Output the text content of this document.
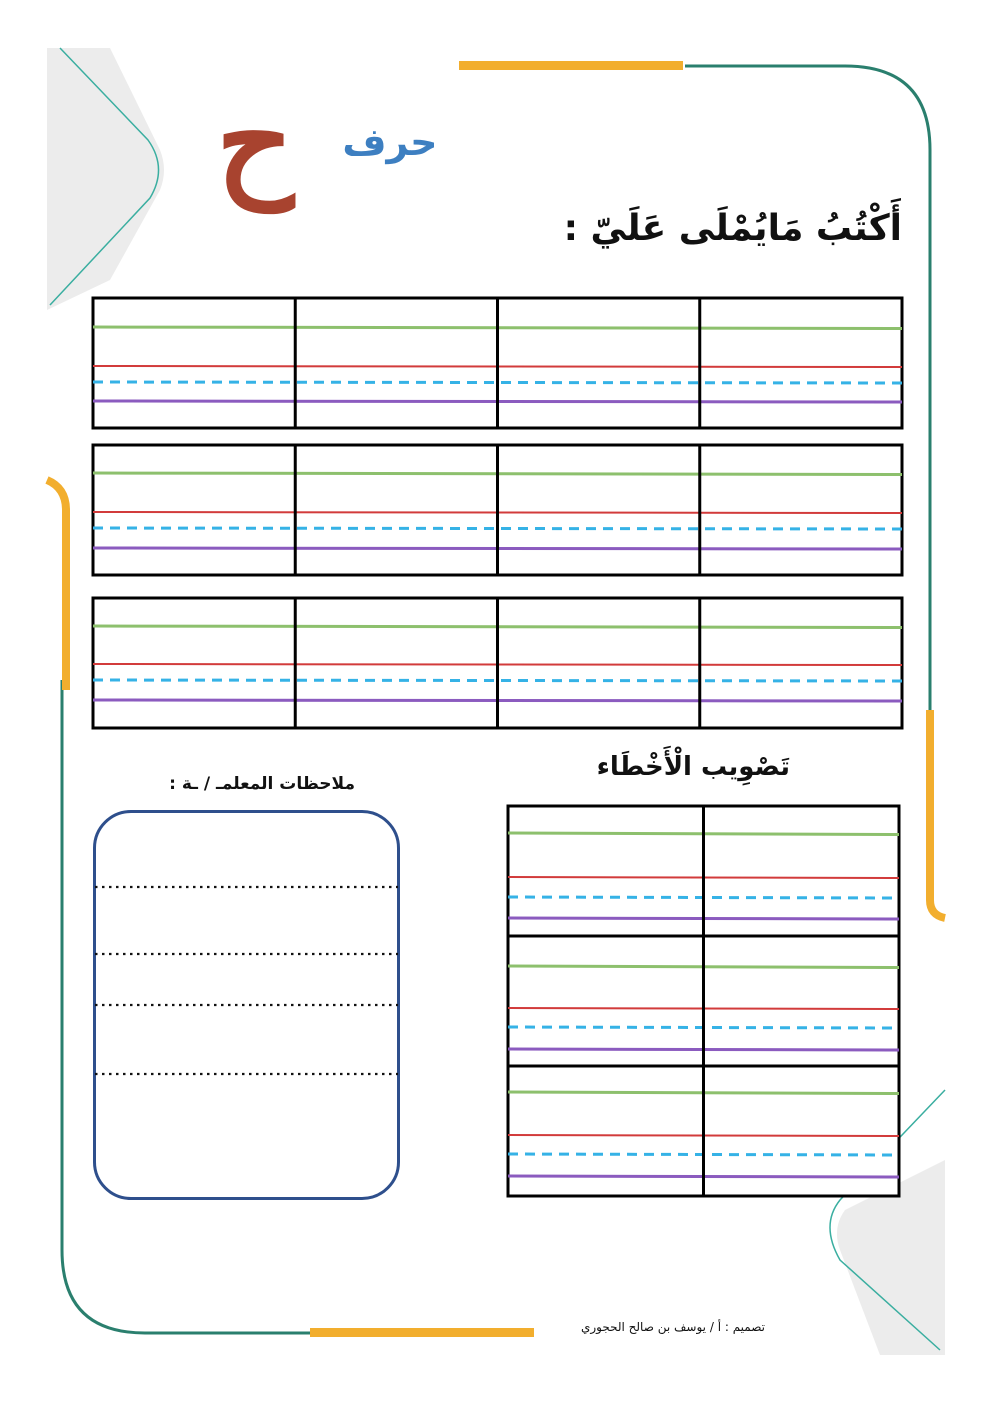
حرف
ح
أَكْتُبُ مَايُمْلَى عَلَيّ :
تَصْوِيب الْأَخْطَاء
ملاحظات المعلمـ / ـة :
تصميم : أ / يوسف بن صالح الحجوري
